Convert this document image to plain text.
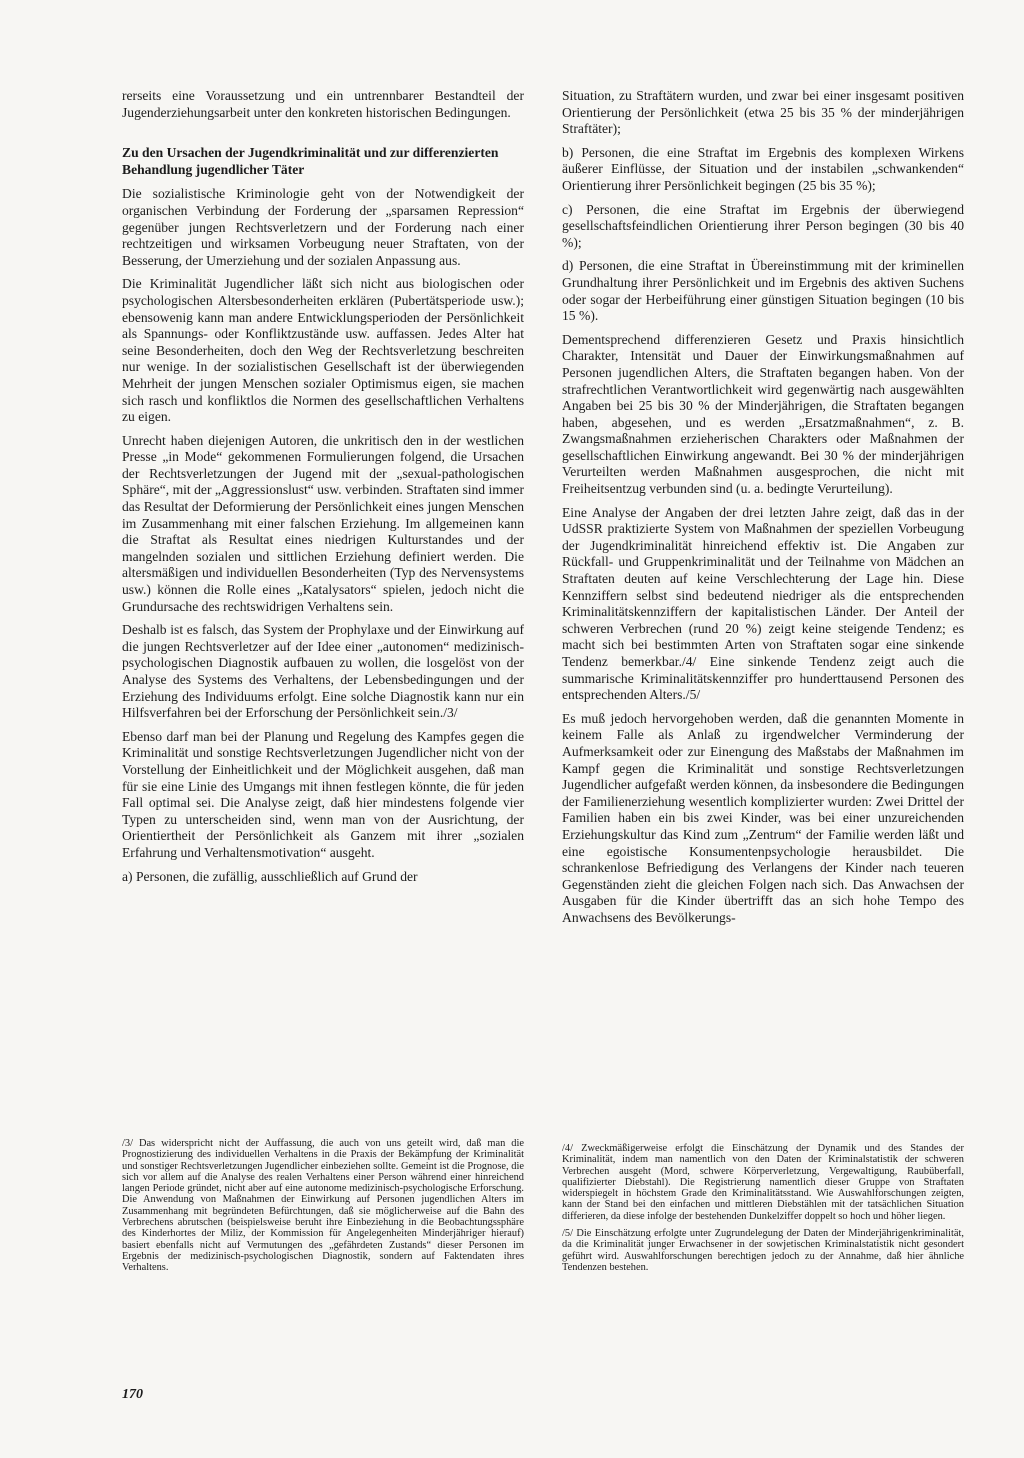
rerseits eine Voraussetzung und ein untrennbarer Bestandteil der Jugenderziehungsarbeit unter den konkreten historischen Bedingungen.

Zu den Ursachen der Jugendkriminalität und zur differenzierten Behandlung jugendlicher Täter

Die sozialistische Kriminologie geht von der Notwendigkeit der organischen Verbindung der Forderung der „sparsamen Repression“ gegenüber jungen Rechtsverletzern und der Forderung nach einer rechtzeitigen und wirksamen Vorbeugung neuer Straftaten, von der Besserung, der Umerziehung und der sozialen Anpassung aus.

Die Kriminalität Jugendlicher läßt sich nicht aus biologischen oder psychologischen Altersbesonderheiten erklären (Pubertätsperiode usw.); ebensowenig kann man andere Entwicklungsperioden der Persönlichkeit als Spannungs- oder Konfliktzustände usw. auffassen. Jedes Alter hat seine Besonderheiten, doch den Weg der Rechtsverletzung beschreiten nur wenige. In der sozialistischen Gesellschaft ist der überwiegenden Mehrheit der jungen Menschen sozialer Optimismus eigen, sie machen sich rasch und konfliktlos die Normen des gesellschaftlichen Verhaltens zu eigen.

Unrecht haben diejenigen Autoren, die unkritisch den in der westlichen Presse „in Mode“ gekommenen Formulierungen folgend, die Ursachen der Rechtsverletzungen der Jugend mit der „sexual-pathologischen Sphäre“, mit der „Aggressionslust“ usw. verbinden. Straftaten sind immer das Resultat der Deformierung der Persönlichkeit eines jungen Menschen im Zusammenhang mit einer falschen Erziehung. Im allgemeinen kann die Straftat als Resultat eines niedrigen Kulturstandes und der mangelnden sozialen und sittlichen Erziehung definiert werden. Die altersmäßigen und individuellen Besonderheiten (Typ des Nervensystems usw.) können die Rolle eines „Katalysators“ spielen, jedoch nicht die Grundursache des rechtswidrigen Verhaltens sein.

Deshalb ist es falsch, das System der Prophylaxe und der Einwirkung auf die jungen Rechtsverletzer auf der Idee einer „autonomen“ medizinisch-psychologischen Diagnostik aufbauen zu wollen, die losgelöst von der Analyse des Systems des Verhaltens, der Lebensbedingungen und der Erziehung des Individuums erfolgt. Eine solche Diagnostik kann nur ein Hilfsverfahren bei der Erforschung der Persönlichkeit sein./3/

Ebenso darf man bei der Planung und Regelung des Kampfes gegen die Kriminalität und sonstige Rechtsverletzungen Jugendlicher nicht von der Vorstellung der Einheitlichkeit und der Möglichkeit ausgehen, daß man für sie eine Linie des Umgangs mit ihnen festlegen könnte, die für jeden Fall optimal sei. Die Analyse zeigt, daß hier mindestens folgende vier Typen zu unterscheiden sind, wenn man von der Ausrichtung, der Orientiertheit der Persönlichkeit als Ganzem mit ihrer „sozialen Erfahrung und Verhaltensmotivation“ ausgeht.

a) Personen, die zufällig, ausschließlich auf Grund der

Situation, zu Straftätern wurden, und zwar bei einer insgesamt positiven Orientierung der Persönlichkeit (etwa 25 bis 35 % der minderjährigen Straftäter);

b) Personen, die eine Straftat im Ergebnis des komplexen Wirkens äußerer Einflüsse, der Situation und der instabilen „schwankenden“ Orientierung ihrer Persönlichkeit begingen (25 bis 35 %);

c) Personen, die eine Straftat im Ergebnis der überwiegend gesellschaftsfeindlichen Orientierung ihrer Person begingen (30 bis 40 %);

d) Personen, die eine Straftat in Übereinstimmung mit der kriminellen Grundhaltung ihrer Persönlichkeit und im Ergebnis des aktiven Suchens oder sogar der Herbeiführung einer günstigen Situation begingen (10 bis 15 %).

Dementsprechend differenzieren Gesetz und Praxis hinsichtlich Charakter, Intensität und Dauer der Einwirkungsmaßnahmen auf Personen jugendlichen Alters, die Straftaten begangen haben. Von der strafrechtlichen Verantwortlichkeit wird gegenwärtig nach ausgewählten Angaben bei 25 bis 30 % der Minderjährigen, die Straftaten begangen haben, abgesehen, und es werden „Ersatzmaßnahmen“, z. B. Zwangsmaßnahmen erzieherischen Charakters oder Maßnahmen der gesellschaftlichen Einwirkung angewandt. Bei 30 % der minderjährigen Verurteilten werden Maßnahmen ausgesprochen, die nicht mit Freiheitsentzug verbunden sind (u. a. bedingte Verurteilung).

Eine Analyse der Angaben der drei letzten Jahre zeigt, daß das in der UdSSR praktizierte System von Maßnahmen der speziellen Vorbeugung der Jugendkriminalität hinreichend effektiv ist. Die Angaben zur Rückfall- und Gruppenkriminalität und der Teilnahme von Mädchen an Straftaten deuten auf keine Verschlechterung der Lage hin. Diese Kennziffern selbst sind bedeutend niedriger als die entsprechenden Kriminalitätskennziffern der kapitalistischen Länder. Der Anteil der schweren Verbrechen (rund 20 %) zeigt keine steigende Tendenz; es macht sich bei bestimmten Arten von Straftaten sogar eine sinkende Tendenz bemerkbar./4/ Eine sinkende Tendenz zeigt auch die summarische Kriminalitätskennziffer pro hunderttausend Personen des entsprechenden Alters./5/

Es muß jedoch hervorgehoben werden, daß die genannten Momente in keinem Falle als Anlaß zu irgendwelcher Verminderung der Aufmerksamkeit oder zur Einengung des Maßstabs der Maßnahmen im Kampf gegen die Kriminalität und sonstige Rechtsverletzungen Jugendlicher aufgefaßt werden können, da insbesondere die Bedingungen der Familienerziehung wesentlich komplizierter wurden: Zwei Drittel der Familien haben ein bis zwei Kinder, was bei einer unzureichenden Erziehungskultur das Kind zum „Zentrum“ der Familie werden läßt und eine egoistische Konsumentenpsychologie herausbildet. Die schrankenlose Befriedigung des Verlangens der Kinder nach teueren Gegenständen zieht die gleichen Folgen nach sich. Das Anwachsen der Ausgaben für die Kinder übertrifft das an sich hohe Tempo des Anwachsens des Bevölkerungs-

/3/ Das widerspricht nicht der Auffassung, die auch von uns geteilt wird, daß man die Prognostizierung des individuellen Verhaltens in die Praxis der Bekämpfung der Kriminalität und sonstiger Rechtsverletzungen Jugendlicher einbeziehen sollte. Gemeint ist die Prognose, die sich vor allem auf die Analyse des realen Verhaltens einer Person während einer hinreichend langen Periode gründet, nicht aber auf eine autonome medizinisch-psychologische Erforschung. Die Anwendung von Maßnahmen der Einwirkung auf Personen jugendlichen Alters im Zusammenhang mit begründeten Befürchtungen, daß sie möglicherweise auf die Bahn des Verbrechens abrutschen (beispielsweise beruht ihre Einbeziehung in die Beobachtungssphäre des Kinderhortes der Miliz, der Kommission für Angelegenheiten Minderjähriger hierauf) basiert ebenfalls nicht auf Vermutungen des „gefährdeten Zustands“ dieser Personen im Ergebnis der medizinisch-psychologischen Diagnostik, sondern auf Faktendaten ihres Verhaltens.

/4/ Zweckmäßigerweise erfolgt die Einschätzung der Dynamik und des Standes der Kriminalität, indem man namentlich von den Daten der Kriminalstatistik der schweren Verbrechen ausgeht (Mord, schwere Körperverletzung, Vergewaltigung, Raubüberfall, qualifizierter Diebstahl). Die Registrierung namentlich dieser Gruppe von Straftaten widerspiegelt in höchstem Grade den Kriminalitätsstand. Wie Auswahlforschungen zeigten, kann der Stand bei den einfachen und mittleren Diebstählen mit der tatsächlichen Situation differieren, da diese infolge der bestehenden Dunkelziffer doppelt so hoch und höher liegen.

/5/ Die Einschätzung erfolgte unter Zugrundelegung der Daten der Minderjährigenkriminalität, da die Kriminalität junger Erwachsener in der sowjetischen Kriminalstatistik nicht gesondert geführt wird. Auswahlforschungen berechtigen jedoch zu der Annahme, daß hier ähnliche Tendenzen bestehen.

170
